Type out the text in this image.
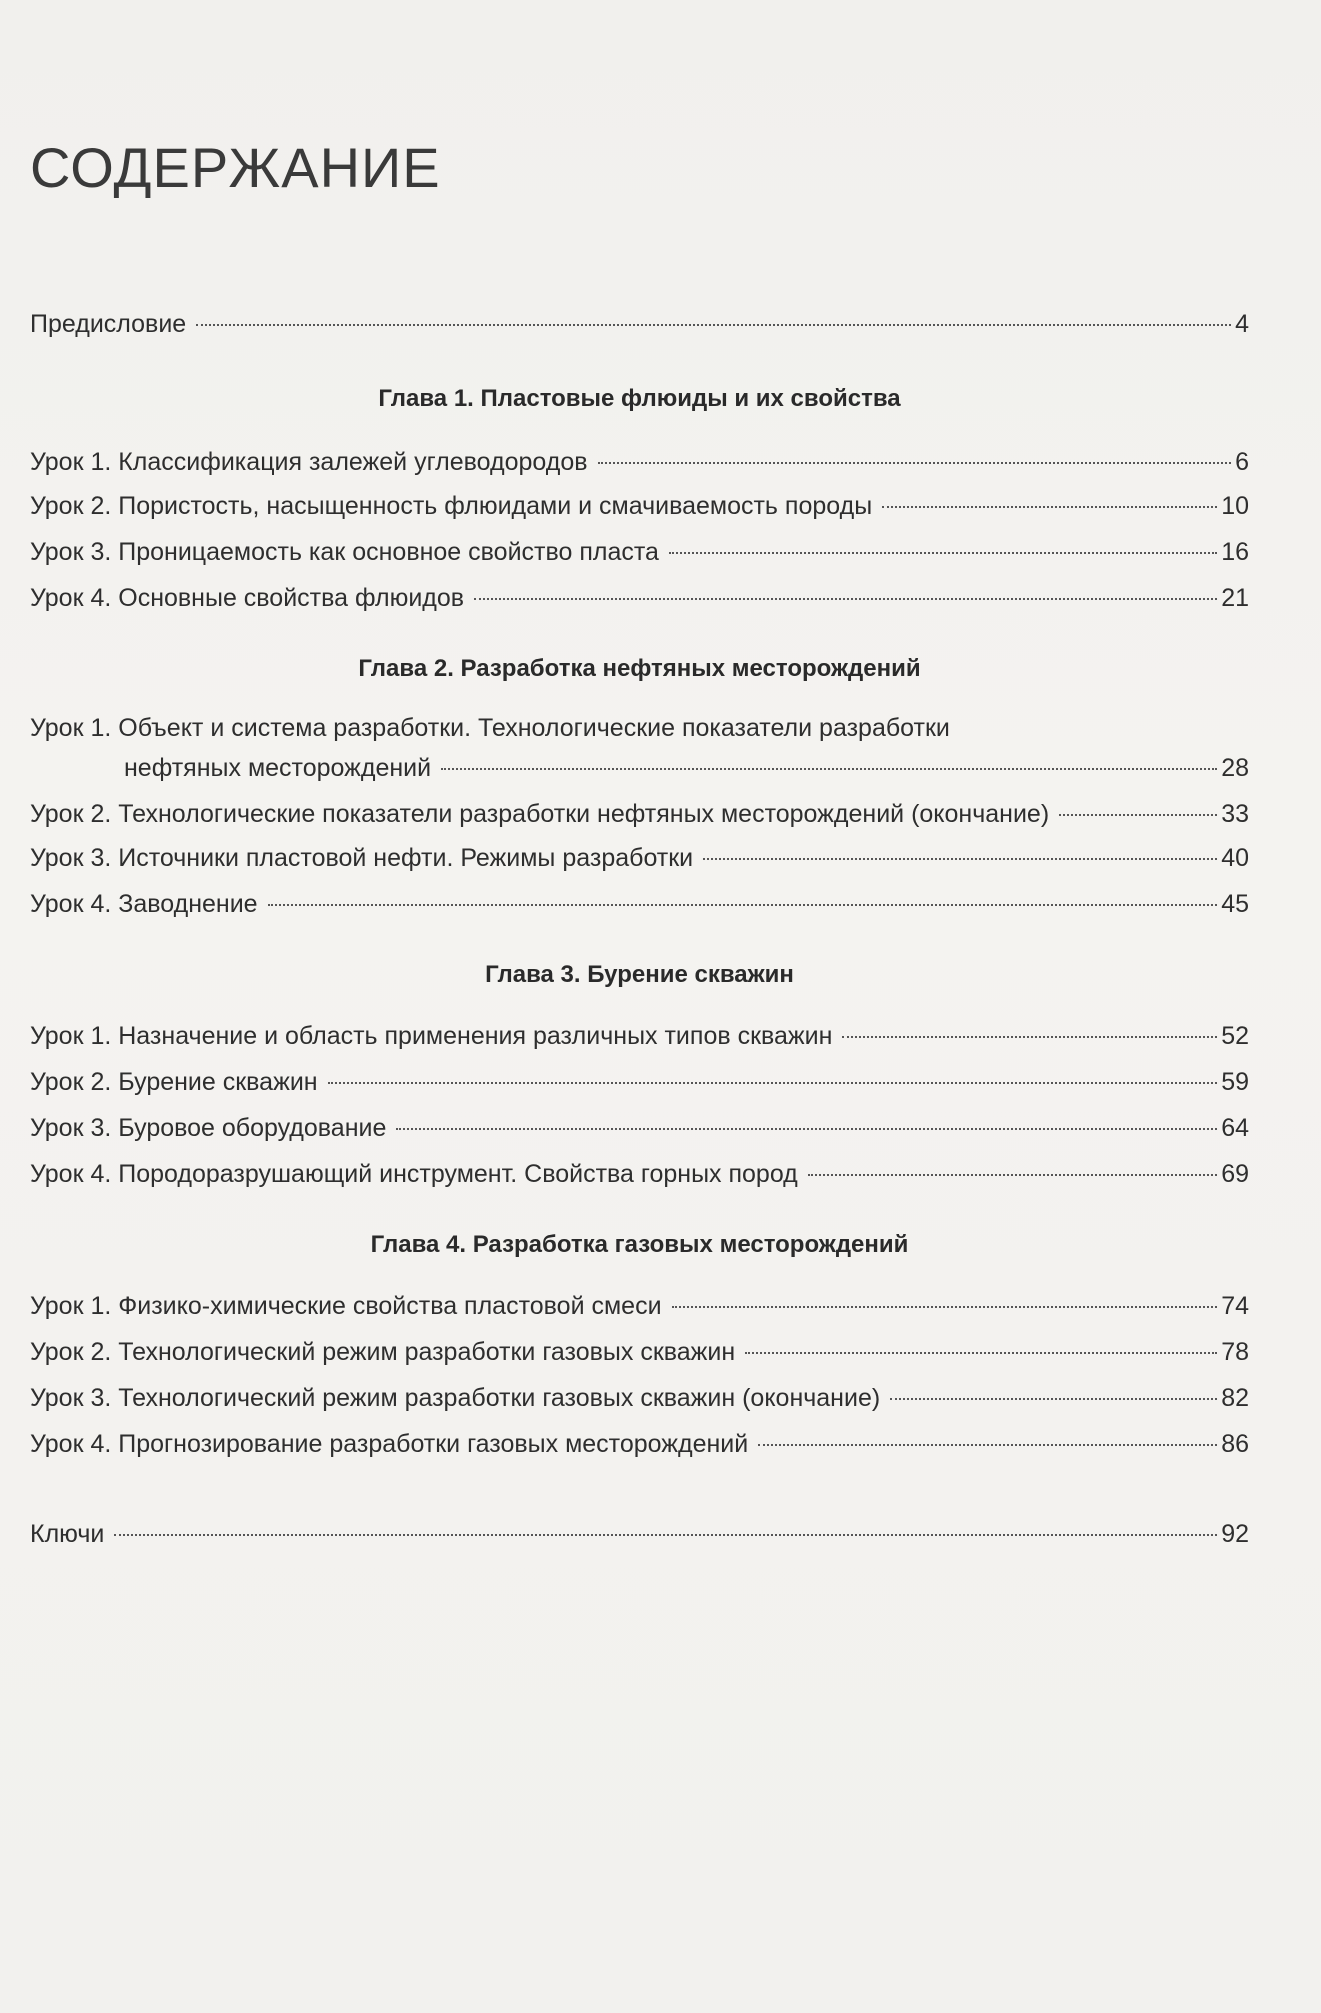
СОДЕРЖАНИЕ
Предисловие	4
Глава 1. Пластовые флюиды и их свойства
Урок 1. Классификация залежей углеводородов	6
Урок 2. Пористость, насыщенность флюидами и смачиваемость породы	10
Урок 3. Проницаемость как основное свойство пласта	16
Урок 4. Основные свойства флюидов	21
Глава 2. Разработка нефтяных месторождений
Урок 1. Объект и система разработки. Технологические показатели разработки
нефтяных месторождений	28
Урок 2. Технологические показатели разработки нефтяных месторождений (окончание)	33
Урок 3. Источники пластовой нефти. Режимы разработки	40
Урок 4. Заводнение	45
Глава 3. Бурение скважин
Урок 1. Назначение и область применения различных типов скважин	52
Урок 2. Бурение скважин	59
Урок 3. Буровое оборудование	64
Урок 4. Породоразрушающий инструмент. Свойства горных пород	69
Глава 4. Разработка газовых месторождений
Урок 1. Физико-химические свойства пластовой смеси	74
Урок 2. Технологический режим разработки газовых скважин	78
Урок 3. Технологический режим разработки газовых скважин (окончание)	82
Урок 4. Прогнозирование разработки газовых месторождений	86
Ключи	92
